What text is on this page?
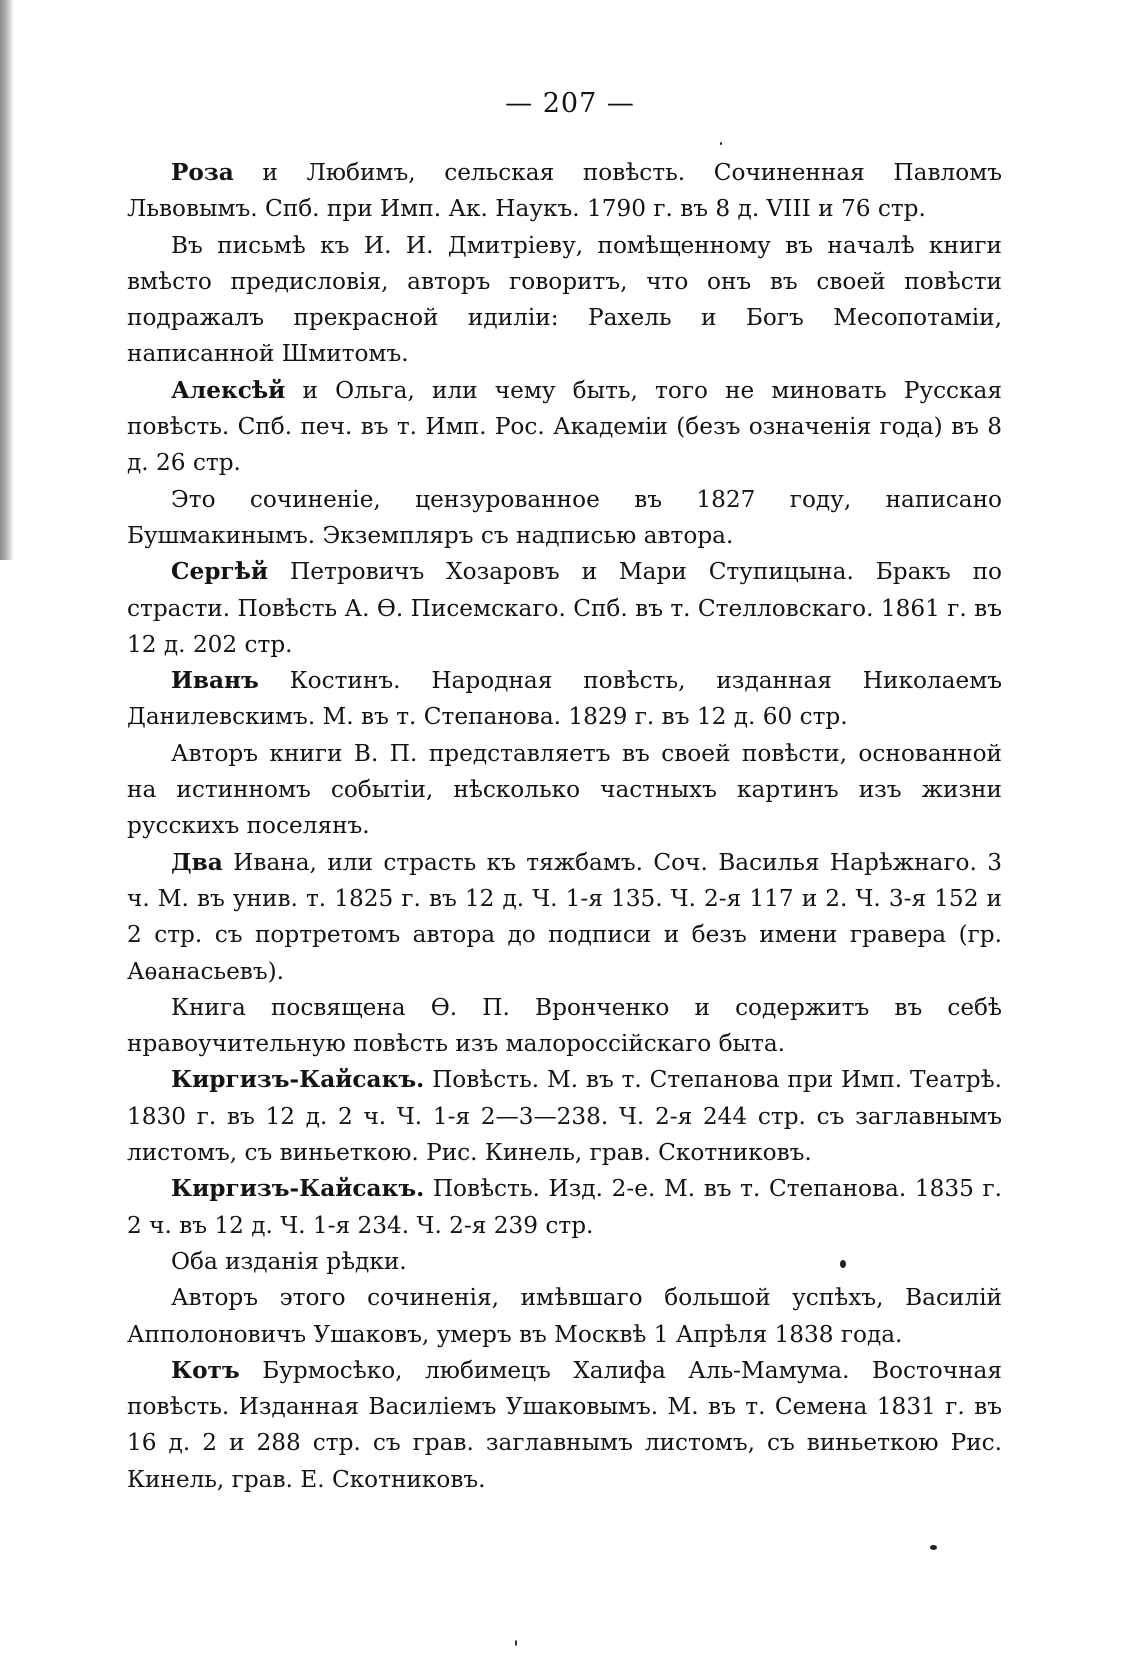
— 207 —

Роза и Любимъ, сельская повѣсть. Сочиненная Павломъ Львовымъ. Спб. при Имп. Ак. Наукъ. 1790 г. въ 8 д. VIII и 76 стр.

Въ письмѣ къ И. И. Дмитріеву, помѣщенному въ началѣ книги вмѣсто предисловія, авторъ говоритъ, что онъ въ своей повѣсти подражалъ прекрасной идиліи: Рахель и Богъ Месопотаміи, написанной Шмитомъ.

Алексѣй и Ольга, или чему быть, того не миновать Русская повѣсть. Спб. печ. въ т. Имп. Рос. Академіи (безъ означенія года) въ 8 д. 26 стр.

Это сочиненіе, цензурованное въ 1827 году, написано Бушмакинымъ. Экземпляръ съ надписью автора.

Сергѣй Петровичъ Хозаровъ и Мари Ступицына. Бракъ по страсти. Повѣсть А. Ѳ. Писемскаго. Спб. въ т. Стелловскаго. 1861 г. въ 12 д. 202 стр.

Иванъ Костинъ. Народная повѣсть, изданная Николаемъ Данилевскимъ. М. въ т. Степанова. 1829 г. въ 12 д. 60 стр.

Авторъ книги В. П. представляетъ въ своей повѣсти, основанной на истинномъ событіи, нѣсколько частныхъ картинъ изъ жизни русскихъ поселянъ.

Два Ивана, или страсть къ тяжбамъ. Соч. Василья Нарѣжнаго. 3 ч. М. въ унив. т. 1825 г. въ 12 д. Ч. 1-я 135. Ч. 2-я 117 и 2. Ч. 3-я 152 и 2 стр. съ портретомъ автора до подписи и безъ имени гравера (гр. Аѳанасьевъ).

Книга посвящена Ѳ. П. Вронченко и содержитъ въ себѣ нравоучительную повѣсть изъ малороссійскаго быта.

Киргизъ-Кайсакъ. Повѣсть. М. въ т. Степанова при Имп. Театрѣ. 1830 г. въ 12 д. 2 ч. Ч. 1-я 2—3—238. Ч. 2-я 244 стр. съ заглавнымъ листомъ, съ виньеткою. Рис. Кинель, грав. Скотниковъ.

Киргизъ-Кайсакъ. Повѣсть. Изд. 2-е. М. въ т. Степанова. 1835 г. 2 ч. въ 12 д. Ч. 1-я 234. Ч. 2-я 239 стр.

Оба изданія рѣдки.

Авторъ этого сочиненія, имѣвшаго большой успѣхъ, Василій Апполоновичъ Ушаковъ, умеръ въ Москвѣ 1 Апрѣля 1838 года.

Котъ Бурмосѣко, любимецъ Халифа Аль-Мамума. Восточная повѣсть. Изданная Василіемъ Ушаковымъ. М. въ т. Семена 1831 г. въ 16 д. 2 и 288 стр. съ грав. заглавнымъ листомъ, съ виньеткою Рис. Кинель, грав. Е. Скотниковъ.
